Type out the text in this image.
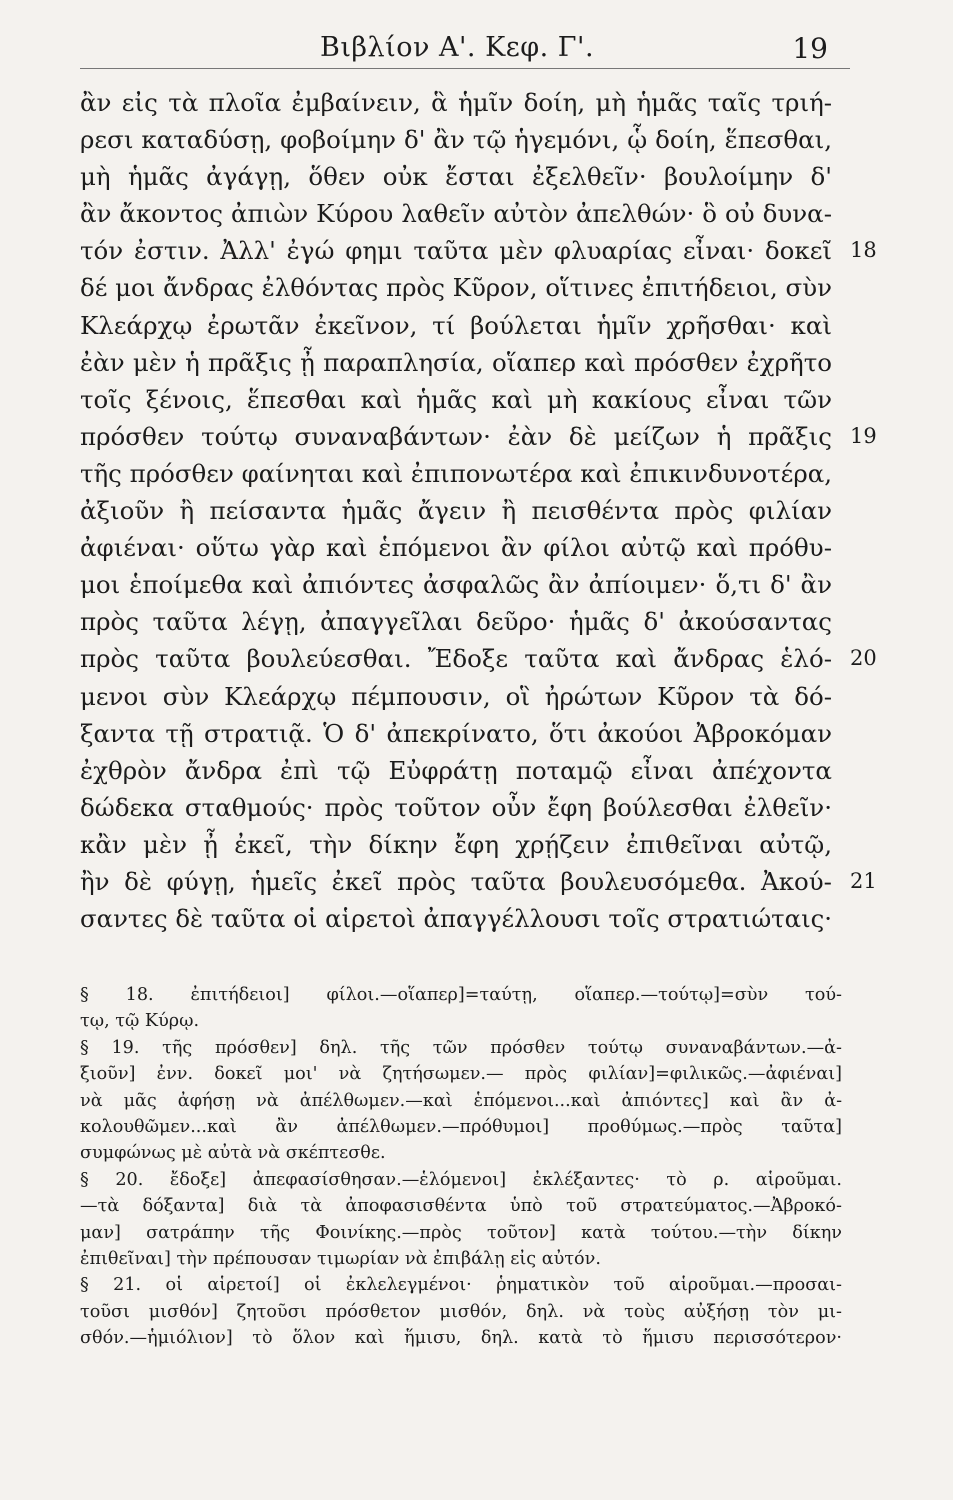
Βιβλίον Α'. Κεφ. Γ'.	19
ἂν εἰς τὰ πλοῖα ἐμβαίνειν, ἃ ἡμῖν δοίη, μὴ ἡμᾶς ταῖς τριή-
ρεσι καταδύσῃ, φοβοίμην δ' ἂν τῷ ἡγεμόνι, ᾧ δοίη, ἕπεσθαι,
μὴ ἡμᾶς ἀγάγῃ, ὅθεν οὐκ ἔσται ἐξελθεῖν· βουλοίμην δ'
ἂν ἄκοντος ἀπιὼν Κύρου λαθεῖν αὐτὸν ἀπελθών· ὃ οὐ δυνα-
τόν ἐστιν. Ἀλλ' ἐγώ φημι ταῦτα μὲν φλυαρίας εἶναι· δοκεῖ 18
δέ μοι ἄνδρας ἐλθόντας πρὸς Κῦρον, οἵτινες ἐπιτήδειοι, σὺν
Κλεάρχῳ ἐρωτᾶν ἐκεῖνον, τί βούλεται ἡμῖν χρῆσθαι· καὶ
ἐὰν μὲν ἡ πρᾶξις ᾖ παραπλησία, οἵαπερ καὶ πρόσθεν ἐχρῆτο
τοῖς ξένοις, ἕπεσθαι καὶ ἡμᾶς καὶ μὴ κακίους εἶναι τῶν
πρόσθεν τούτῳ συναναβάντων· ἐὰν δὲ μείζων ἡ πρᾶξις 19
τῆς πρόσθεν φαίνηται καὶ ἐπιπονωτέρα καὶ ἐπικινδυνοτέρα,
ἀξιοῦν ἢ πείσαντα ἡμᾶς ἄγειν ἢ πεισθέντα πρὸς φιλίαν
ἀφιέναι· οὕτω γὰρ καὶ ἑπόμενοι ἂν φίλοι αὐτῷ καὶ πρόθυ-
μοι ἑποίμεθα καὶ ἀπιόντες ἀσφαλῶς ἂν ἀπίοιμεν· ὅ,τι δ' ἂν
πρὸς ταῦτα λέγῃ, ἀπαγγεῖλαι δεῦρο· ἡμᾶς δ' ἀκούσαντας
πρὸς ταῦτα βουλεύεσθαι. Ἔδοξε ταῦτα καὶ ἄνδρας ἑλό- 20
μενοι σὺν Κλεάρχῳ πέμπουσιν, οἳ ἠρώτων Κῦρον τὰ δό-
ξαντα τῇ στρατιᾷ. Ὁ δ' ἀπεκρίνατο, ὅτι ἀκούοι Ἀβροκόμαν
ἐχθρὸν ἄνδρα ἐπὶ τῷ Εὐφράτῃ ποταμῷ εἶναι ἀπέχοντα
δώδεκα σταθμούς· πρὸς τοῦτον οὖν ἔφη βούλεσθαι ἐλθεῖν·
κἂν μὲν ᾖ ἐκεῖ, τὴν δίκην ἔφη χρῄζειν ἐπιθεῖναι αὐτῷ,
ἢν δὲ φύγῃ, ἡμεῖς ἐκεῖ πρὸς ταῦτα βουλευσόμεθα. Ἀκού- 21
σαντες δὲ ταῦτα οἱ αἱρετοὶ ἀπαγγέλλουσι τοῖς στρατιώταις·
§ 18. ἐπιτήδειοι] φίλοι.—οἵαπερ]=ταύτῃ, οἵαπερ.—τούτῳ]=σὺν τού-τῳ, τῷ Κύρῳ.§ 19. τῆς πρόσθεν] δηλ. τῆς τῶν πρόσθεν τούτῳ συναναβάντων.—ἀ-ξιοῦν] ἐνν. δοκεῖ μοι' νὰ ζητήσωμεν.— πρὸς φιλίαν]=φιλικῶς.—ἀφιέναι]νὰ μᾶς ἀφήσῃ νὰ ἀπέλθωμεν.—καὶ ἑπόμενοι...καὶ ἀπιόντες] καὶ ἂν ἀ-κολουθῶμεν...καὶ ἂν ἀπέλθωμεν.—πρόθυμοι] προθύμως.—πρὸς ταῦτα]συμφώνως μὲ αὐτὰ νὰ σκέπτεσθε.§ 20. ἔδοξε] ἀπεφασίσθησαν.—ἑλόμενοι] ἐκλέξαντες· τὸ ρ. αἱροῦμαι.—τὰ δόξαντα] διὰ τὰ ἀποφασισθέντα ὑπὸ τοῦ στρατεύματος.—Ἀβροκό-μαν] σατράπην τῆς Φοινίκης.—πρὸς τοῦτον] κατὰ τούτου.—τὴν δίκηνἐπιθεῖναι] τὴν πρέπουσαν τιμωρίαν νὰ ἐπιβάλῃ εἰς αὐτόν.§ 21. οἱ αἱρετοί] οἱ ἐκλελεγμένοι· ῥηματικὸν τοῦ αἱροῦμαι.—προσαι-τοῦσι μισθόν] ζητοῦσι πρόσθετον μισθόν, δηλ. νὰ τοὺς αὐξήσῃ τὸν μι-σθόν.—ἡμιόλιον] τὸ ὅλον καὶ ἥμισυ, δηλ. κατὰ τὸ ἥμισυ περισσότερον·
